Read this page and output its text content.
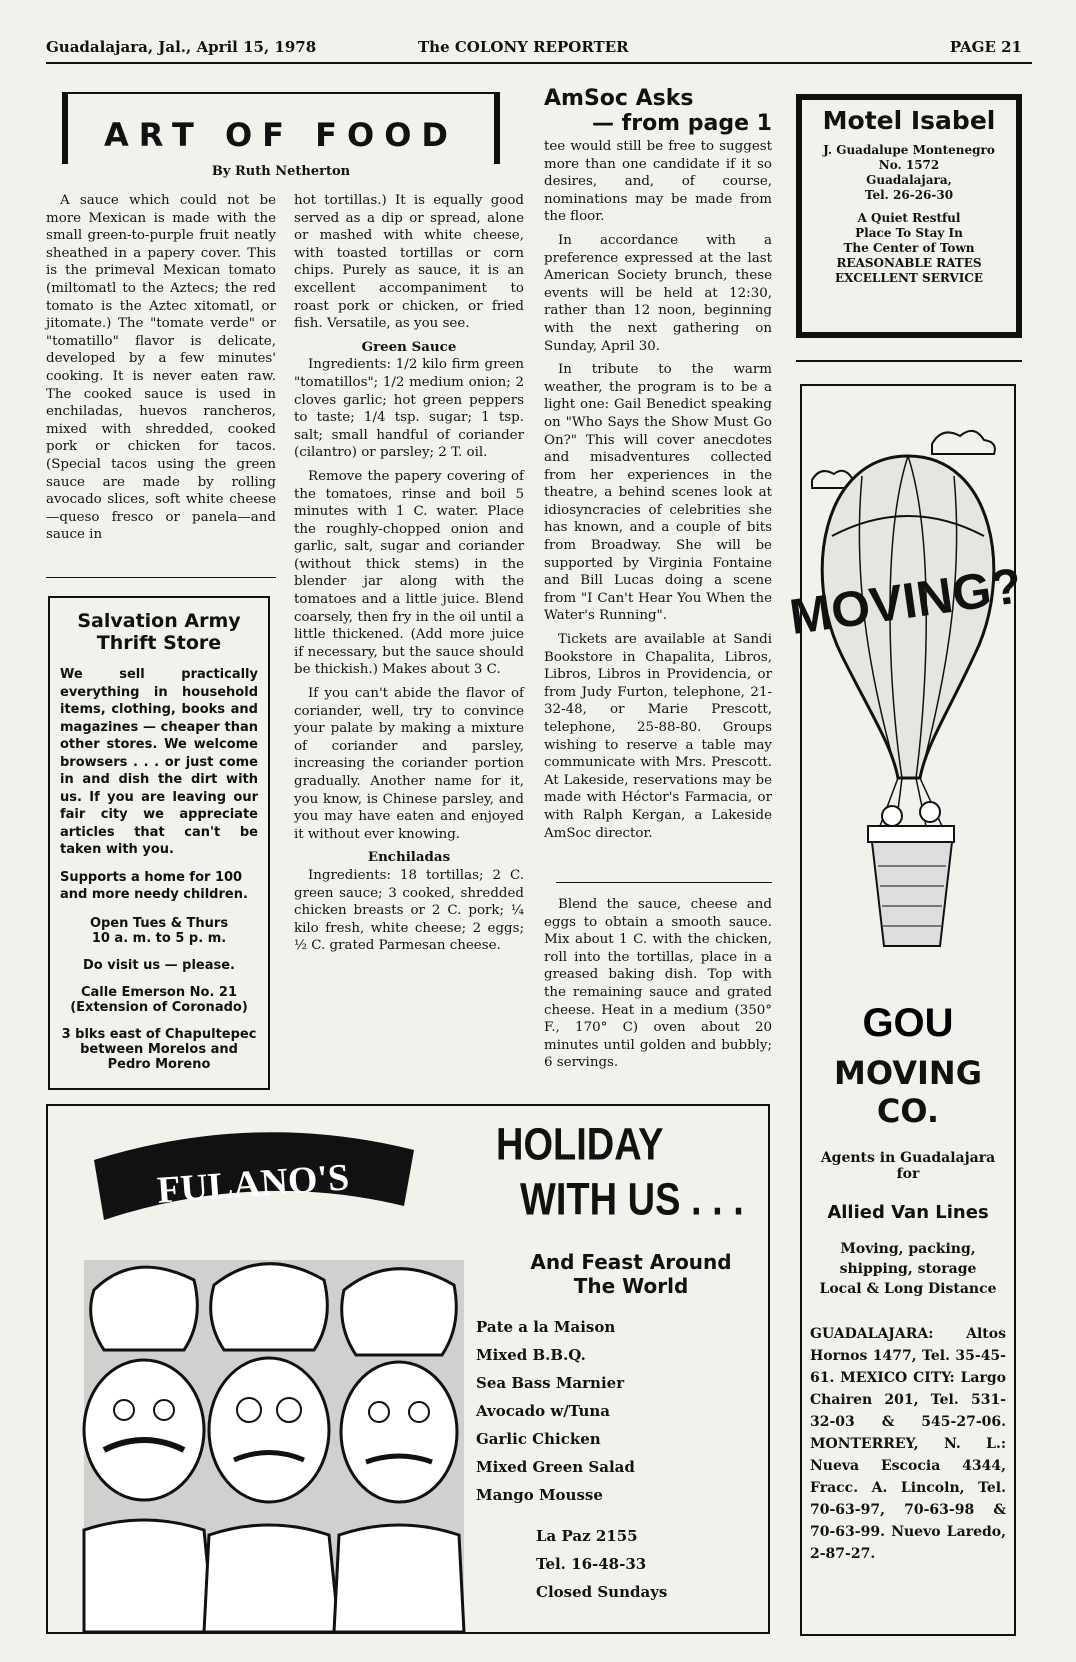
Guadalajara, Jal., April 15, 1978	The COLONY REPORTER	PAGE 21
ART OF FOOD
By Ruth Netherton

A sauce which could not be more Mexican is made with the small green-to-purple fruit neatly sheathed in a papery cover. This is the primeval Mexican tomato (miltomatl to the Aztecs; the red tomato is the Aztec xitomatl, or jitomate.) The "tomate verde" or "tomatillo" flavor is delicate, developed by a few minutes' cooking. It is never eaten raw. The cooked sauce is used in enchiladas, huevos rancheros, mixed with shredded, cooked pork or chicken for tacos. (Special tacos using the green sauce are made by rolling avocado slices, soft white cheese—queso fresco or panela—and sauce in

hot tortillas.) It is equally good served as a dip or spread, alone or mashed with white cheese, with toasted tortillas or corn chips. Purely as sauce, it is an excellent accompaniment to roast pork or chicken, or fried fish. Versatile, as you see.

Green Sauce

Ingredients: 1/2 kilo firm green "tomatillos"; 1/2 medium onion; 2 cloves garlic; hot green peppers to taste; 1/4 tsp. sugar; 1 tsp. salt; small handful of coriander (cilantro) or parsley; 2 T. oil.

Remove the papery covering of the tomatoes, rinse and boil 5 minutes with 1 C. water. Place the roughly-chopped onion and garlic, salt, sugar and coriander (without thick stems) in the blender jar along with the tomatoes and a little juice. Blend coarsely, then fry in the oil until a little thickened. (Add more juice if necessary, but the sauce should be thickish.) Makes about 3 C.

If you can't abide the flavor of coriander, well, try to convince your palate by making a mixture of coriander and parsley, increasing the coriander portion gradually. Another name for it, you know, is Chinese parsley, and you may have eaten and enjoyed it without ever knowing.

Enchiladas

Ingredients: 18 tortillas; 2 C. green sauce; 3 cooked, shredded chicken breasts or 2 C. pork; ¼ kilo fresh, white cheese; 2 eggs; ½ C. grated Parmesan cheese.

AmSoc Asks
— from page 1

tee would still be free to suggest more than one candidate if it so desires, and, of course, nominations may be made from the floor.

In accordance with a preference expressed at the last American Society brunch, these events will be held at 12:30, rather than 12 noon, beginning with the next gathering on Sunday, April 30.

In tribute to the warm weather, the program is to be a light one: Gail Benedict speaking on "Who Says the Show Must Go On?" This will cover anecdotes and misadventures collected from her experiences in the theatre, a behind scenes look at idiosyncracies of celebrities she has known, and a couple of bits from Broadway. She will be supported by Virginia Fontaine and Bill Lucas doing a scene from "I Can't Hear You When the Water's Running".

Tickets are available at Sandi Bookstore in Chapalita, Libros, Libros, Libros in Providencia, or from Judy Furton, telephone, 21-32-48, or Marie Prescott, telephone, 25-88-80. Groups wishing to reserve a table may communicate with Mrs. Prescott. At Lakeside, reservations may be made with Héctor's Farmacia, or with Ralph Kergan, a Lakeside AmSoc director.

Blend the sauce, cheese and eggs to obtain a smooth sauce. Mix about 1 C. with the chicken, roll into the tortillas, place in a greased baking dish. Top with the remaining sauce and grated cheese. Heat in a medium (350° F., 170° C) oven about 20 minutes until golden and bubbly; 6 servings.

Salvation Army
Thrift Store
We sell practically everything in household items, clothing, books and magazines — cheaper than other stores. We welcome browsers . . . or just come in and dish the dirt with us. If you are leaving our fair city we appreciate articles that can't be taken with you.
Supports a home for 100 and more needy children.
Open Tues & Thurs
10 a. m. to 5 p. m.
Do visit us — please.
Calle Emerson No. 21
(Extension of Coronado)
3 blks east of Chapultepec
between Morelos and
Pedro Moreno
Motel Isabel
J. Guadalupe Montenegro
No. 1572
Guadalajara,
Tel. 26-26-30
A Quiet Restful
Place To Stay In
The Center of Town
REASONABLE RATES
EXCELLENT SERVICE
MOVING?
GOU
MOVING CO.
Agents in Guadalajara
for
Allied Van Lines
Moving, packing,
shipping, storage
Local & Long Distance
GUADALAJARA: Altos Hornos 1477, Tel. 35-45-61. MEXICO CITY: Largo Chairen 201, Tel. 531-32-03 & 545-27-06. MONTERREY, N. L.: Nueva Escocia 4344, Fracc. A. Lincoln, Tel. 70-63-97, 70-63-98 & 70-63-99. Nuevo Laredo, 2-87-27.
FULANO'S
HOLIDAY
WITH US . . .
And Feast Around
The World
Pate a la Maison
Mixed B.B.Q.
Sea Bass Marnier
Avocado w/Tuna
Garlic Chicken
Mixed Green Salad
Mango Mousse
La Paz 2155
Tel. 16-48-33
Closed Sundays
